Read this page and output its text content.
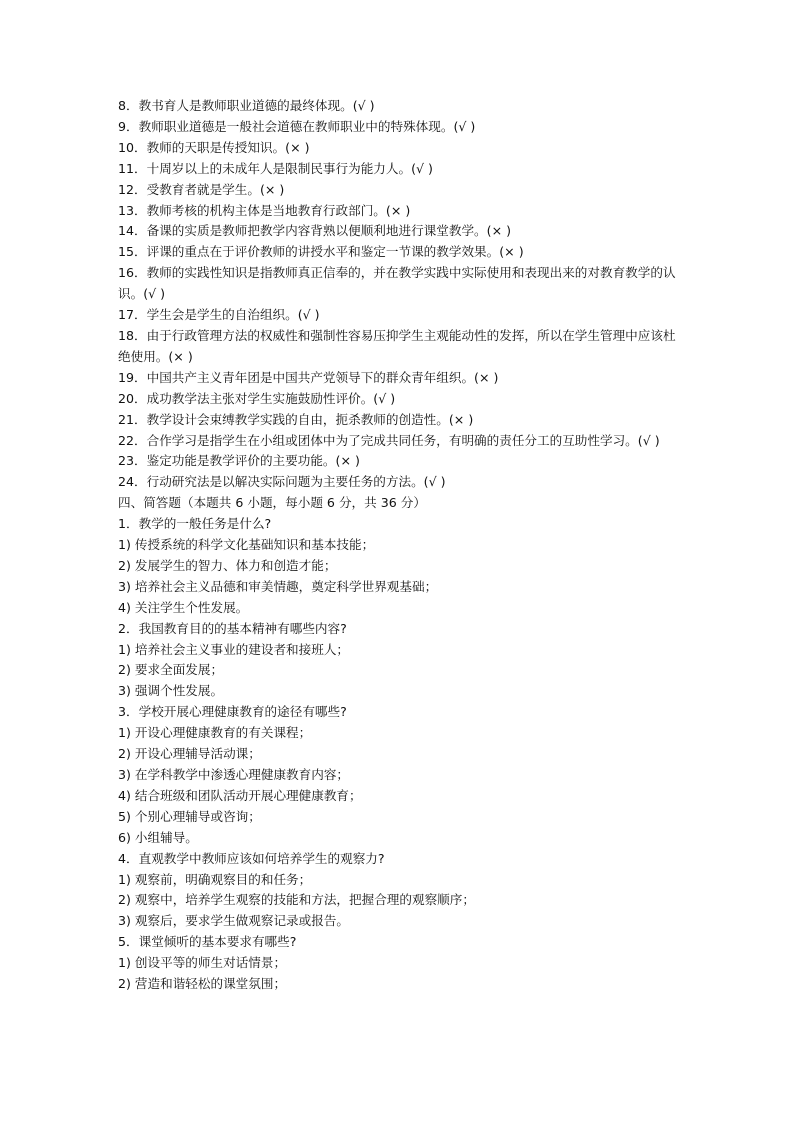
8．教书育人是教师职业道德的最终体现。(√ )
9．教师职业道德是一般社会道德在教师职业中的特殊体现。(√ )
10．教师的天职是传授知识。(× )
11．十周岁以上的未成年人是限制民事行为能力人。(√ )
12．受教育者就是学生。(× )
13．教师考核的机构主体是当地教育行政部门。(× )
14．备课的实质是教师把教学内容背熟以便顺利地进行课堂教学。(× )
15．评课的重点在于评价教师的讲授水平和鉴定一节课的教学效果。(× )
16．教师的实践性知识是指教师真正信奉的，并在教学实践中实际使用和表现出来的对教育教学的认识。(√ )
17．学生会是学生的自治组织。(√ )
18．由于行政管理方法的权威性和强制性容易压抑学生主观能动性的发挥，所以在学生管理中应该杜绝使用。(× )
19．中国共产主义青年团是中国共产党领导下的群众青年组织。(× )
20．成功教学法主张对学生实施鼓励性评价。(√ )
21．教学设计会束缚教学实践的自由，扼杀教师的创造性。(× )
22．合作学习是指学生在小组或团体中为了完成共同任务，有明确的责任分工的互助性学习。(√ )
23．鉴定功能是教学评价的主要功能。(× )
24．行动研究法是以解决实际问题为主要任务的方法。(√ )
四、简答题（本题共 6 小题，每小题 6 分，共 36 分）
1．教学的一般任务是什么?
1) 传授系统的科学文化基础知识和基本技能；
2) 发展学生的智力、体力和创造才能；
3) 培养社会主义品德和审美情趣，奠定科学世界观基础；
4) 关注学生个性发展。
2．我国教育目的的基本精神有哪些内容?
1) 培养社会主义事业的建设者和接班人；
2) 要求全面发展；
3) 强调个性发展。
3．学校开展心理健康教育的途径有哪些?
1) 开设心理健康教育的有关课程；
2) 开设心理辅导活动课；
3) 在学科教学中渗透心理健康教育内容；
4) 结合班级和团队活动开展心理健康教育；
5) 个别心理辅导或咨询；
6) 小组辅导。
4．直观教学中教师应该如何培养学生的观察力?
1) 观察前，明确观察目的和任务；
2) 观察中，培养学生观察的技能和方法，把握合理的观察顺序；
3) 观察后，要求学生做观察记录或报告。
5．课堂倾听的基本要求有哪些?
1) 创设平等的师生对话情景；
2) 营造和谐轻松的课堂氛围；
